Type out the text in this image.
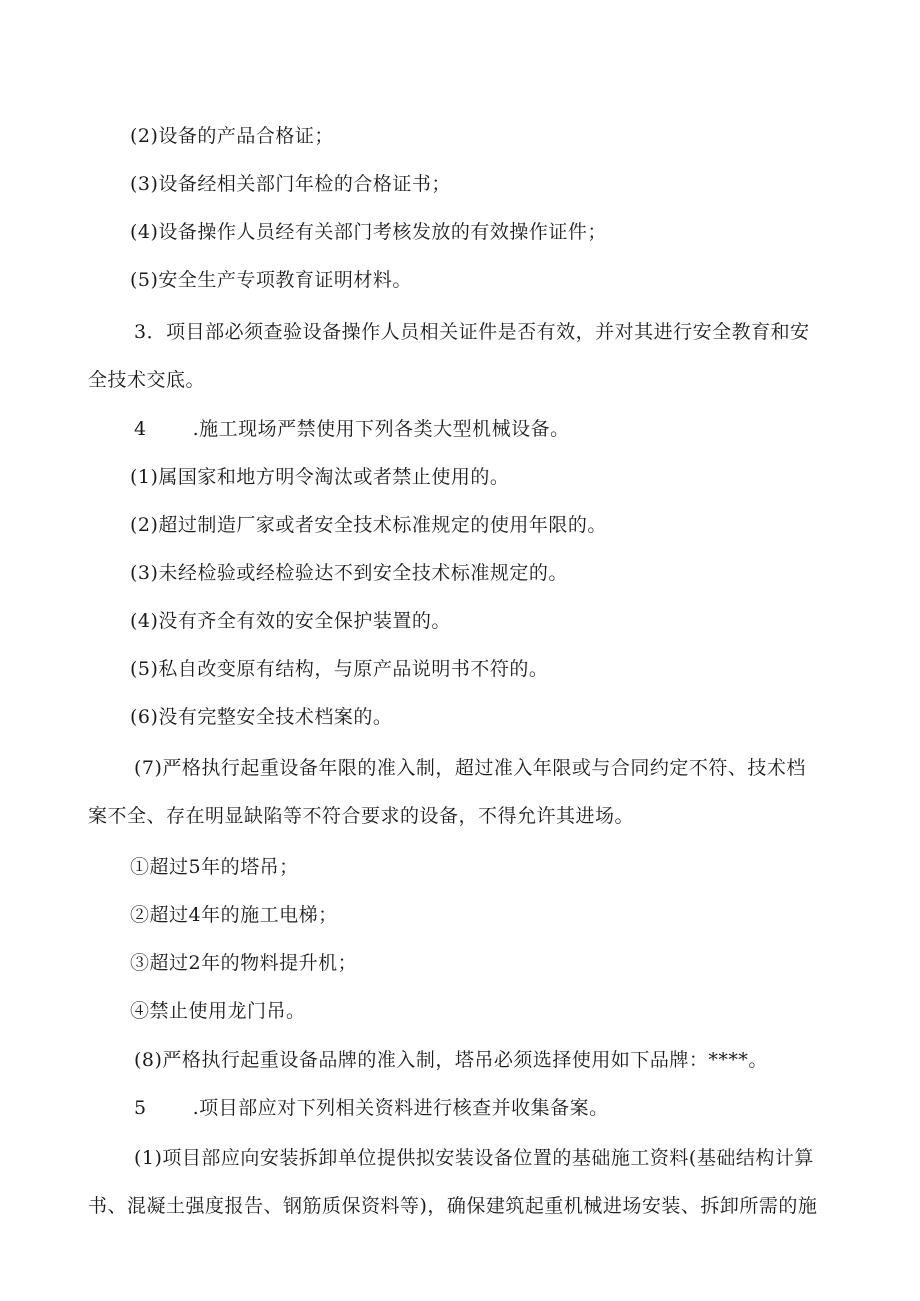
(2)设备的产品合格证；
(3)设备经相关部门年检的合格证书；
(4)设备操作人员经有关部门考核发放的有效操作证件；
(5)安全生产专项教育证明材料。
3．项目部必须查验设备操作人员相关证件是否有效，并对其进行安全教育和安
全技术交底。
4 .施工现场严禁使用下列各类大型机械设备。
(1)属国家和地方明令淘汰或者禁止使用的。
(2)超过制造厂家或者安全技术标准规定的使用年限的。
(3)未经检验或经检验达不到安全技术标准规定的。
(4)没有齐全有效的安全保护装置的。
(5)私自改变原有结构，与原产品说明书不符的。
(6)没有完整安全技术档案的。
(7)严格执行起重设备年限的准入制，超过准入年限或与合同约定不符、技术档
案不全、存在明显缺陷等不符合要求的设备，不得允许其进场。
①超过5年的塔吊；
②超过4年的施工电梯；
③超过2年的物料提升机；
④禁止使用龙门吊。
(8)严格执行起重设备品牌的准入制，塔吊必须选择使用如下品牌：****。
5 .项目部应对下列相关资料进行核查并收集备案。
(1)项目部应向安装拆卸单位提供拟安装设备位置的基础施工资料(基础结构计算
书、混凝土强度报告、钢筋质保资料等)，确保建筑起重机械进场安装、拆卸所需的施
